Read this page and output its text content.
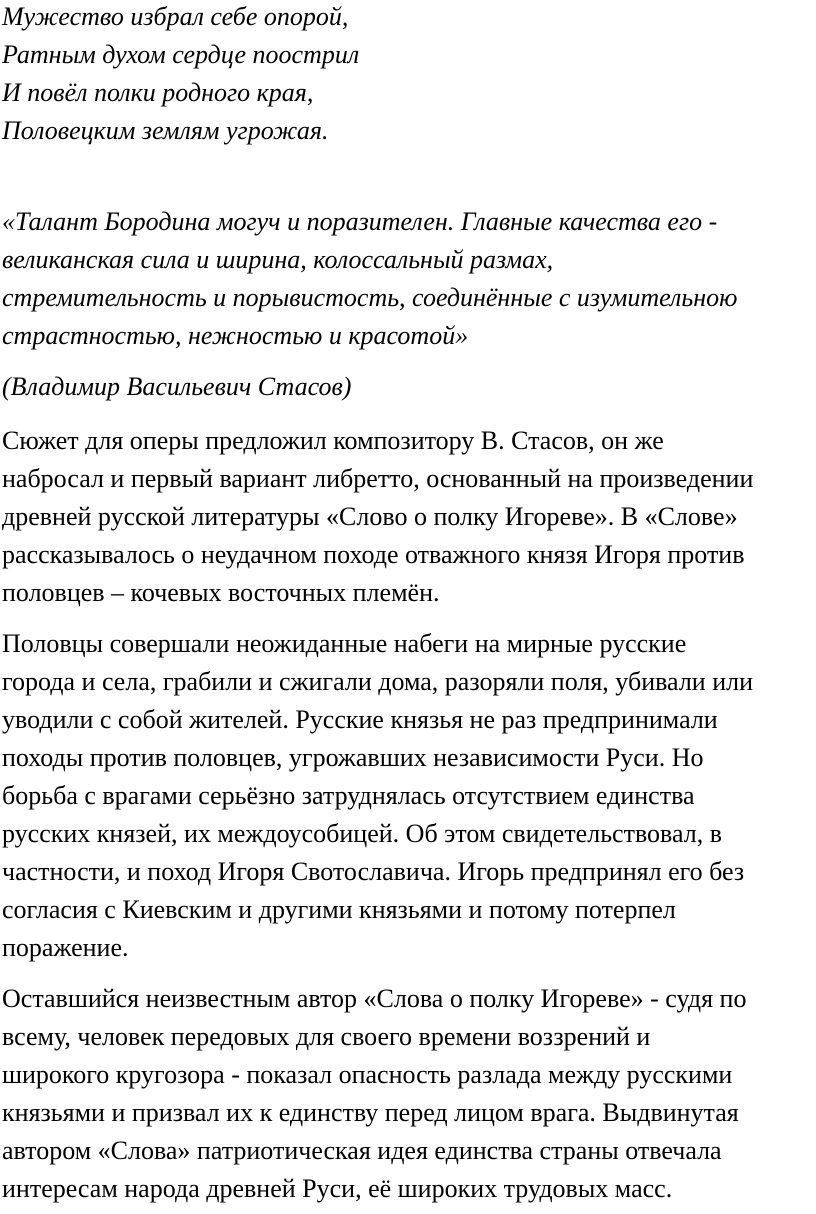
Мужество избрал себе опорой,
Ратным духом сердце поострил
И повёл полки родного края,
Половецким землям угрожая.
«Талант Бородина могуч и поразителен. Главные качества его -
великанская сила и ширина, колоссальный размах,
стремительность и порывистость, соединённые с изумительною
страстностью, нежностью и красотой»
(Владимир Васильевич Стасов)
Сюжет для оперы предложил композитору В. Стасов, он же
набросал и первый вариант либретто, основанный на произведении
древней русской литературы «Слово о полку Игореве». В «Слове»
рассказывалось о неудачном походе отважного князя Игоря против
половцев – кочевых восточных племён.
Половцы совершали неожиданные набеги на мирные русские
города и села, грабили и сжигали дома, разоряли поля, убивали или
уводили с собой жителей. Русские князья не раз предпринимали
походы против половцев, угрожавших независимости Руси. Но
борьба с врагами серьёзно затруднялась отсутствием единства
русских князей, их междоусобицей. Об этом свидетельствовал, в
частности, и поход Игоря Свотославича. Игорь предпринял его без
согласия с Киевским и другими князьями и потому потерпел
поражение.
Оставшийся неизвестным автор «Слова о полку Игореве» - судя по
всему, человек передовых для своего времени воззрений и
широкого кругозора - показал опасность разлада между русскими
князьями и призвал их к единству перед лицом врага. Выдвинутая
автором «Слова» патриотическая идея единства страны отвечала
интересам народа древней Руси, её широких трудовых масс.
